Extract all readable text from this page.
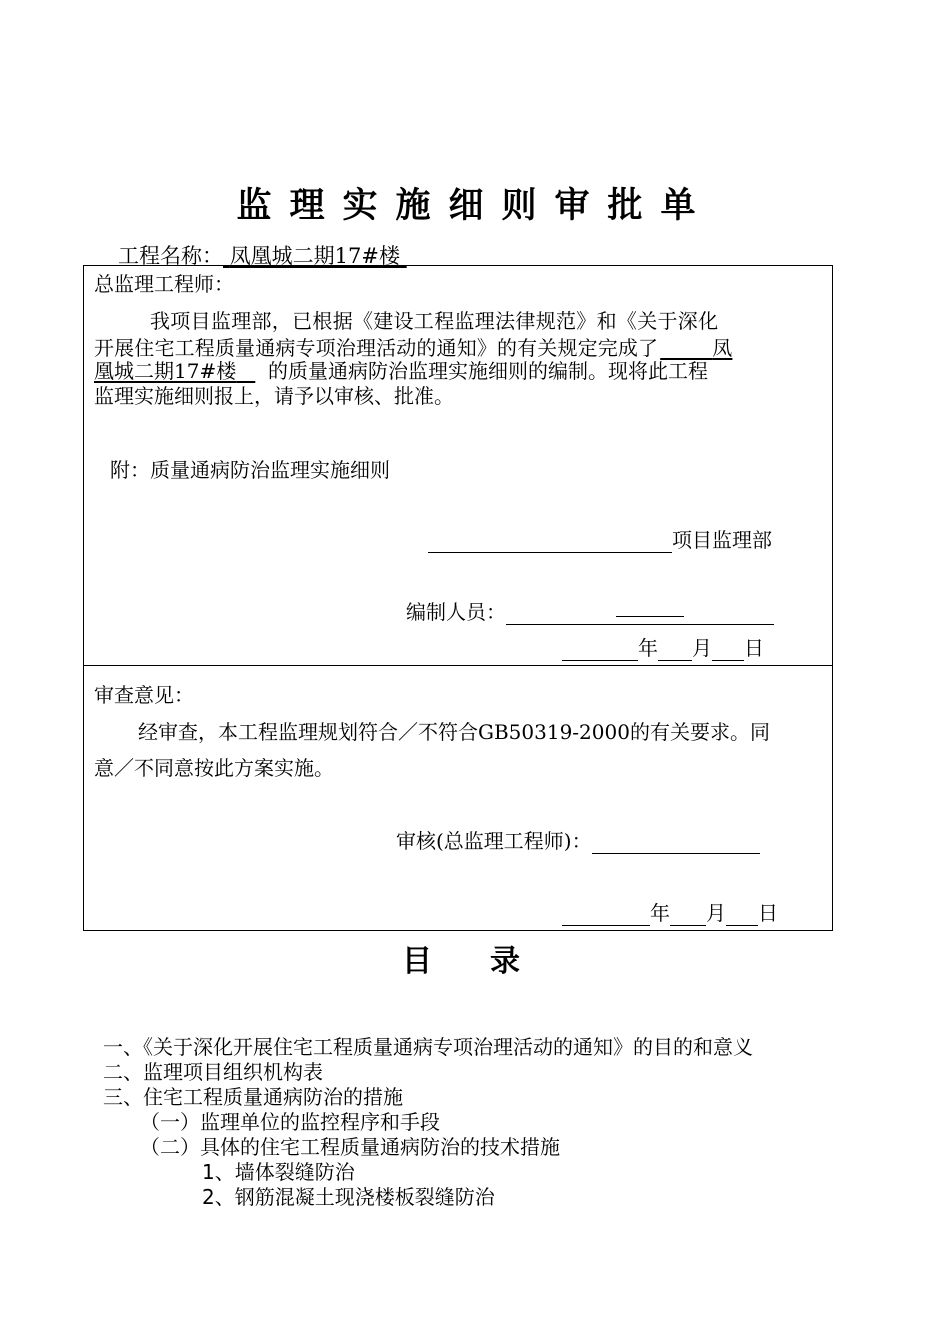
监理实施细则审批单
工程名称： 凤凰城二期17#楼
总监理工程师：
我项目监理部，已根据《建设工程监理法律规范》和《关于深化
开展住宅工程质量通病专项治理活动的通知》的有关规定完成了	凤
凰城二期17#楼 的质量通病防治监理实施细则的编制。现将此工程
监理实施细则报上，请予以审核、批准。
附：质量通病防治监理实施细则
项目监理部
编制人员：
年 月 日
审查意见：
经审查，本工程监理规划符合／不符合GB50319-2000的有关要求。同
意／不同意按此方案实施。
审核(总监理工程师)：
年 月 日
目录
一、《关于深化开展住宅工程质量通病专项治理活动的通知》的目的和意义
二、监理项目组织机构表
三、住宅工程质量通病防治的措施
（一）监理单位的监控程序和手段
（二）具体的住宅工程质量通病防治的技术措施
1、墙体裂缝防治
2、钢筋混凝土现浇楼板裂缝防治
